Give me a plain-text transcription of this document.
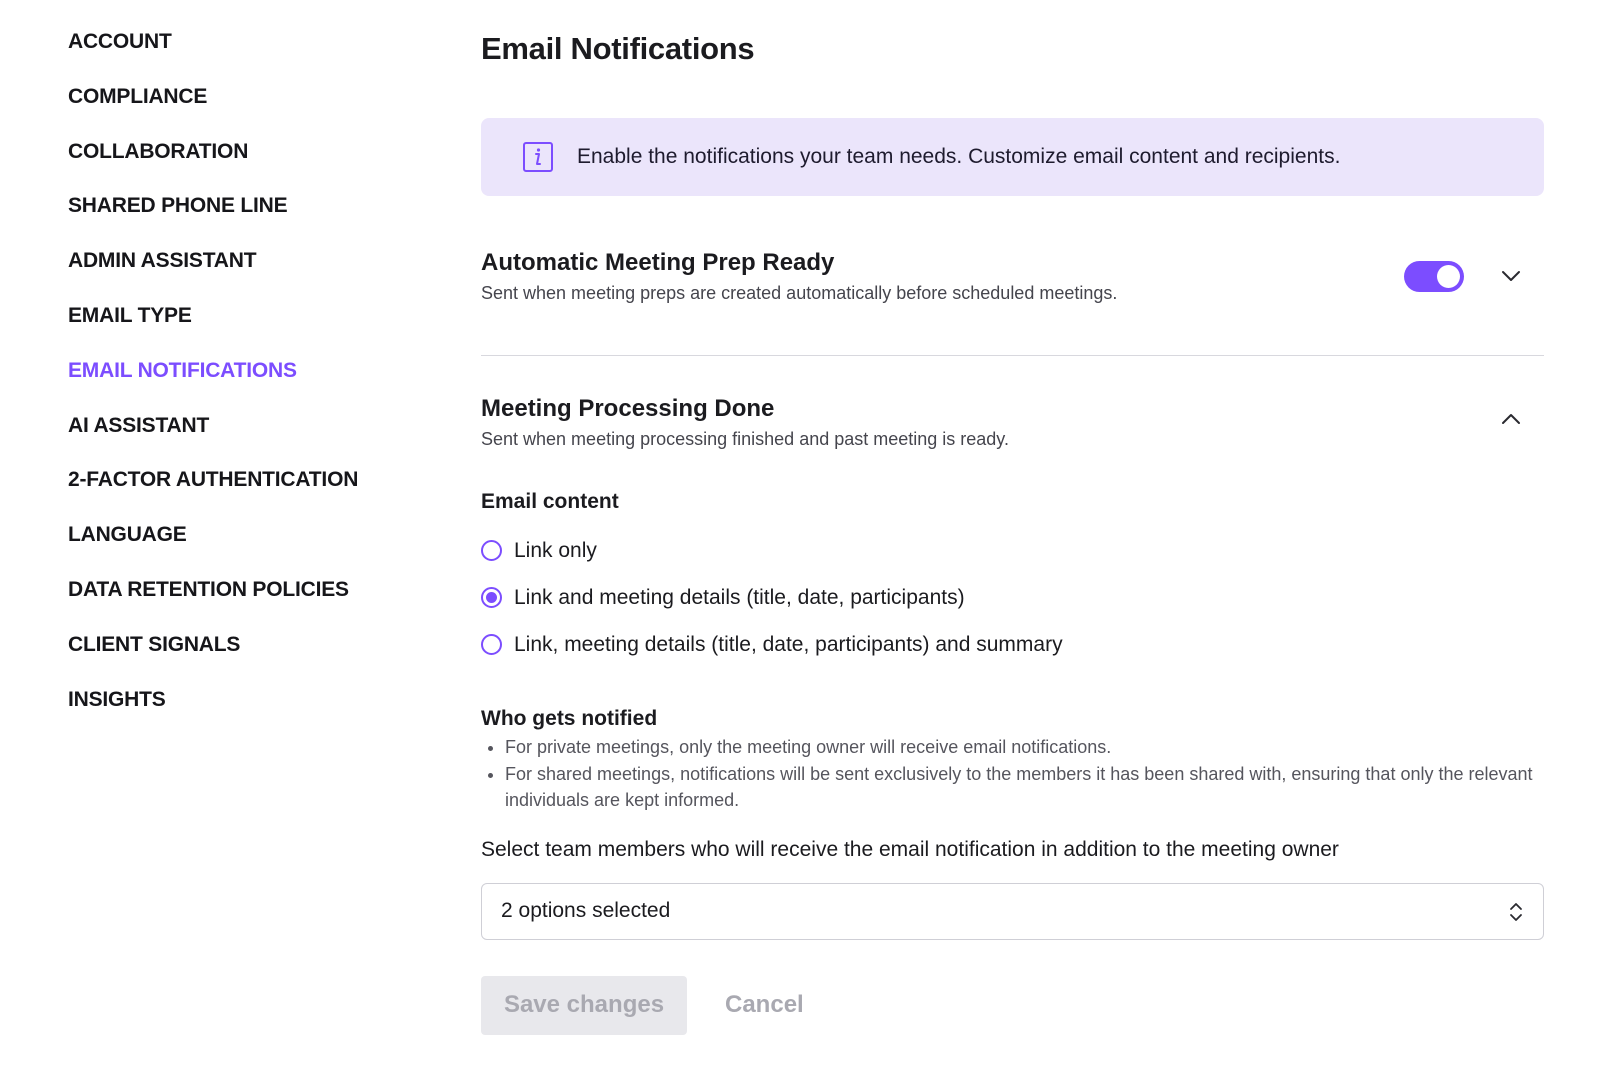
ACCOUNT
COMPLIANCE
COLLABORATION
SHARED PHONE LINE
ADMIN ASSISTANT
EMAIL TYPE
EMAIL NOTIFICATIONS
AI ASSISTANT
2-FACTOR AUTHENTICATION
LANGUAGE
DATA RETENTION POLICIES
CLIENT SIGNALS
INSIGHTS
Email Notifications
Enable the notifications your team needs. Customize email content and recipients.
Automatic Meeting Prep Ready
Sent when meeting preps are created automatically before scheduled meetings.
Meeting Processing Done
Sent when meeting processing finished and past meeting is ready.
Email content
Link only
Link and meeting details (title, date, participants)
Link, meeting details (title, date, participants) and summary
Who gets notified
• For private meetings, only the meeting owner will receive email notifications.
• For shared meetings, notifications will be sent exclusively to the members it has been shared with, ensuring that only the relevant individuals are kept informed.
Select team members who will receive the email notification in addition to the meeting owner
2 options selected
Save changes	Cancel
